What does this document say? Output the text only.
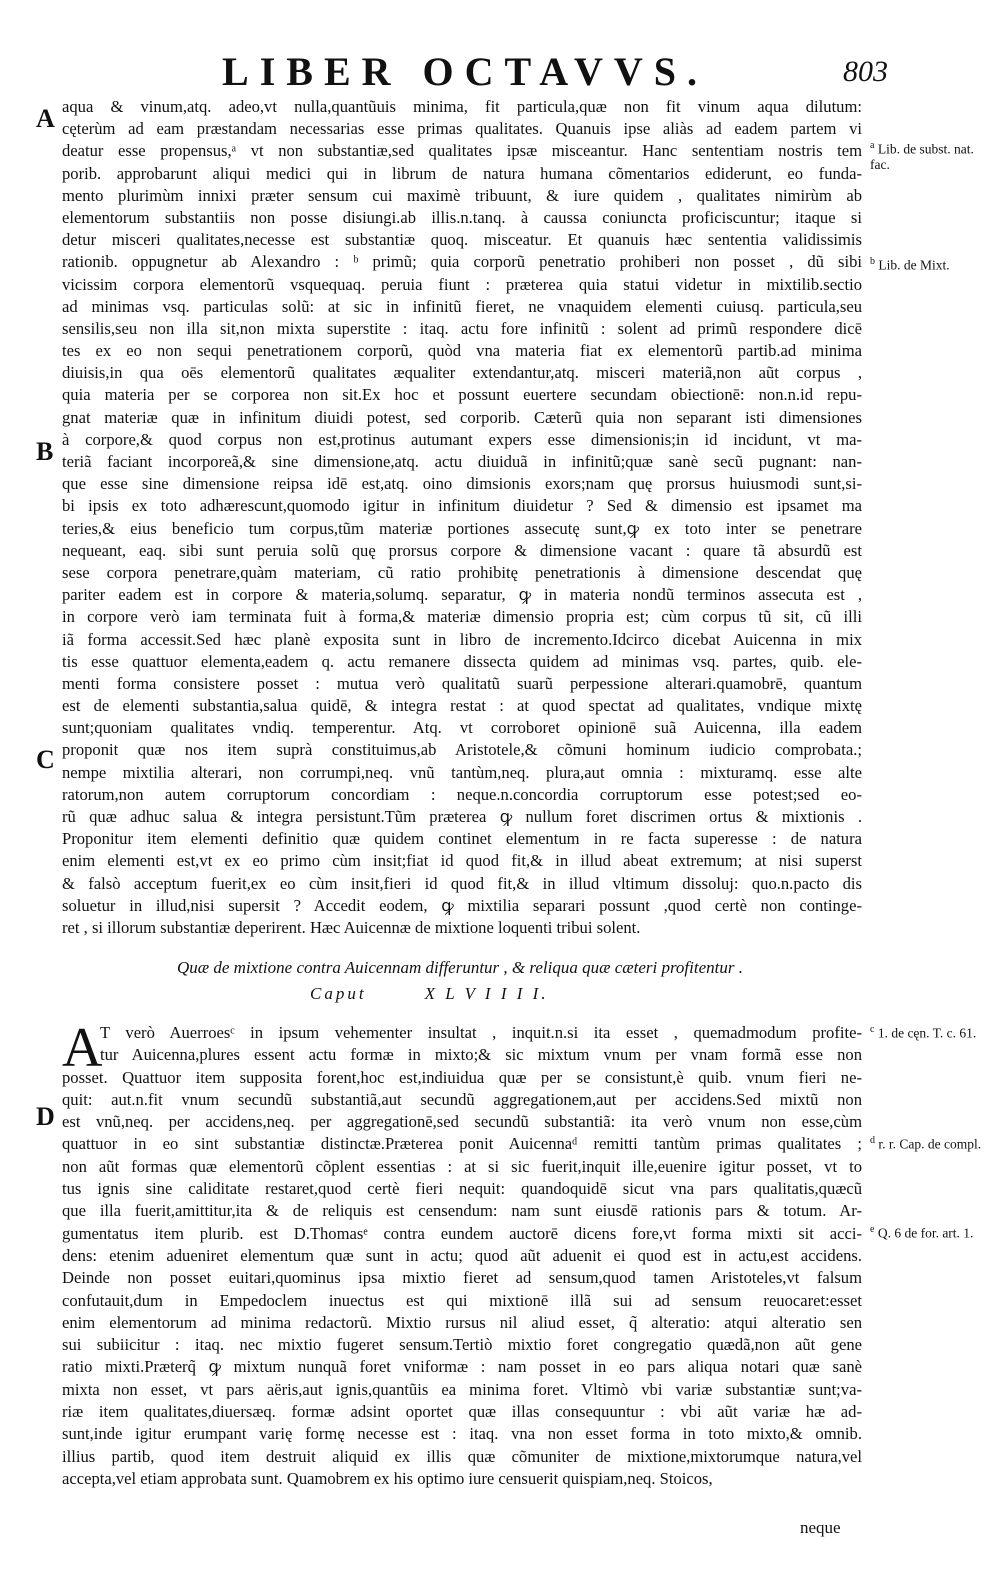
LIBER OCTAVVS.	803
A
B
C
D
$^a$ Lib. de subst. nat. fac.
$^b$ Lib. de Mixt.
$^c$ 1. de cęn. T. c. 61.
$^d$ r. r. Cap. de compl.
$^e$ Q. 6 de for. art. 1.
aqua & vinum,atq. adeo,vt nulla,quantũuis minima, fit particula,quæ non fit vinum aqua dilutum:
cęterùm ad eam præstandam necessarias esse primas qualitates. Quanuis ipse aliàs ad eadem partem vi
deatur esse propensus,ᵃ vt non substantiæ,sed qualitates ipsæ misceantur. Hanc sententiam nostris tem
porib. approbarunt aliqui medici qui in librum de natura humana cõmentarios ediderunt, eo funda-
mento plurimùm innixi præter sensum cui maximè tribuunt, & iure quidem , qualitates nimirùm ab
elementorum substantiis non posse disiungi.ab illis.n.tanq. à caussa coniuncta proficiscuntur; itaque si
detur misceri qualitates,necesse est substantiæ quoq. misceatur. Et quanuis hæc sententia validissimis
rationib. oppugnetur ab Alexandro : ᵇ primũ; quia corporũ penetratio prohiberi non posset , dũ sibi
vicissim corpora elementorũ vsquequaq. peruia fiunt : præterea quia statui videtur in mixtilib.sectio
ad minimas vsq. particulas solũ: at sic in infinitũ fieret, ne vnaquidem elementi cuiusq. particula,seu
sensilis,seu non illa sit,non mixta superstite : itaq. actu fore infinitũ : solent ad primũ respondere dicē
tes ex eo non sequi penetrationem corporũ, quòd vna materia fiat ex elementorũ partib.ad minima
diuisis,in qua oēs elementorũ qualitates æqualiter extendantur,atq. misceri materiã,non aũt corpus ,
quia materia per se corporea non sit.Ex hoc et possunt euertere secundam obiectionē: non.n.id repu-
gnat materiæ quæ in infinitum diuidi potest, sed corporib. Cæterũ quia non separant isti dimensiones
à corpore,& quod corpus non est,protinus autumant expers esse dimensionis;in id incidunt, vt ma-
teriã faciant incorporeã,& sine dimensione,atq. actu diuiduã in infinitũ;quæ sanè secũ pugnant: nan-
que esse sine dimensione reipsa idē est,atq. oino dimsionis exors;nam quę prorsus huiusmodi sunt,si-
bi ipsis ex toto adhærescunt,quomodo igitur in infinitum diuidetur ? Sed & dimensio est ipsamet ma
teries,& eius beneficio tum corpus,tũm materiæ portiones assecutę sunt,ꝙ ex toto inter se penetrare
nequeant, eaq. sibi sunt peruia solũ quę prorsus corpore & dimensione vacant : quare tã absurdũ est
sese corpora penetrare,quàm materiam, cũ ratio prohibitę penetrationis à dimensione descendat quę
pariter eadem est in corpore & materia,solumq. separatur, ꝙ in materia nondũ terminos assecuta est ,
in corpore verò iam terminata fuit à forma,& materiæ dimensio propria est; cùm corpus tũ sit, cũ illi
iã forma accessit.Sed hæc planè exposita sunt in libro de incremento.Idcirco dicebat Auicenna in mix
tis esse quattuor elementa,eadem q. actu remanere dissecta quidem ad minimas vsq. partes, quib. ele-
menti forma consistere posset : mutua verò qualitatũ suarũ perpessione alterari.quamobrē, quantum
est de elementi substantia,salua quidē, & integra restat : at quod spectat ad qualitates, vndique mixtę
sunt;quoniam qualitates vndiq. temperentur. Atq. vt corroboret opinionē suã Auicenna, illa eadem
proponit quæ nos item suprà constituimus,ab Aristotele,& cõmuni hominum iudicio comprobata.;
nempe mixtilia alterari, non corrumpi,neq. vnũ tantùm,neq. plura,aut omnia : mixturamq. esse alte
ratorum,non autem corruptorum concordiam : neque.n.concordia corruptorum esse potest;sed eo-
rũ quæ adhuc salua & integra persistunt.Tũm præterea ꝙ nullum foret discrimen ortus & mixtionis .
Proponitur item elementi definitio quæ quidem continet elementum in re facta superesse : de natura
enim elementi est,vt ex eo primo cùm insit;fiat id quod fit,& in illud abeat extremum; at nisi superst
& falsò acceptum fuerit,ex eo cùm insit,fieri id quod fit,& in illud vltimum dissoluj: quo.n.pacto dis
soluetur in illud,nisi supersit ? Accedit eodem, ꝙ mixtilia separari possunt ,quod certè non continge-
ret , si illorum substantiæ deperirent. Hæc Auicennæ de mixtione loquenti tribui solent.
Quæ de mixtione contra Auicennam differuntur , & reliqua quæ cæteri profitentur .
Caput	X L V I I I I.
A
T verò Auerroesᶜ in ipsum vehementer insultat , inquit.n.si ita esset , quemadmodum profite-
tur Auicenna,plures essent actu formæ in mixto;& sic mixtum vnum per vnam formã esse non
posset. Quattuor item supposita forent,hoc est,indiuidua quæ per se consistunt,è quib. vnum fieri ne-
quit: aut.n.fit vnum secundũ substantiã,aut secundũ aggregationem,aut per accidens.Sed mixtũ non
est vnũ,neq. per accidens,neq. per aggregationē,sed secundũ substantiã: ita verò vnum non esse,cùm
quattuor in eo sint substantiæ distinctæ.Præterea ponit Auicennaᵈ remitti tantùm primas qualitates ;
non aũt formas quæ elementorũ cõplent essentias : at si sic fuerit,inquit ille,euenire igitur posset, vt to
tus ignis sine caliditate restaret,quod certè fieri nequit: quandoquidē sicut vna pars qualitatis,quæcũ
que illa fuerit,amittitur,ita & de reliquis est censendum: nam sunt eiusdē rationis pars & totum. Ar-
gumentatus item plurib. est D.Thomasᵉ contra eundem auctorē dicens fore,vt forma mixti sit acci-
dens: etenim adueniret elementum quæ sunt in actu; quod aũt aduenit ei quod est in actu,est accidens.
Deinde non posset euitari,quominus ipsa mixtio fieret ad sensum,quod tamen Aristoteles,vt falsum
confutauit,dum in Empedoclem inuectus est qui mixtionē illã sui ad sensum reuocaret:esset
enim elementorum ad minima redactorũ. Mixtio rursus nil aliud esset, q̃ alteratio: atqui alteratio sen
sui subiicitur : itaq. nec mixtio fugeret sensum.Tertiò mixtio foret congregatio quædã,non aũt gene
ratio mixti.Præterq̃ ꝙ mixtum nunquã foret vniformæ : nam posset in eo pars aliqua notari quæ sanè
mixta non esset, vt pars aëris,aut ignis,quantũis ea minima foret. Vltimò vbi variæ substantiæ sunt;va-
riæ item qualitates,diuersæq. formæ adsint oportet quæ illas consequuntur : vbi aũt variæ hæ ad-
sunt,inde igitur erumpant varię formę necesse est : itaq. vna non esset forma in toto mixto,& omnib.
illius partib, quod item destruit aliquid ex illis quæ cõmuniter de mixtione,mixtorumque natura,vel
accepta,vel etiam approbata sunt. Quamobrem ex his optimo iure censuerit quispiam,neq. Stoicos,
neque
